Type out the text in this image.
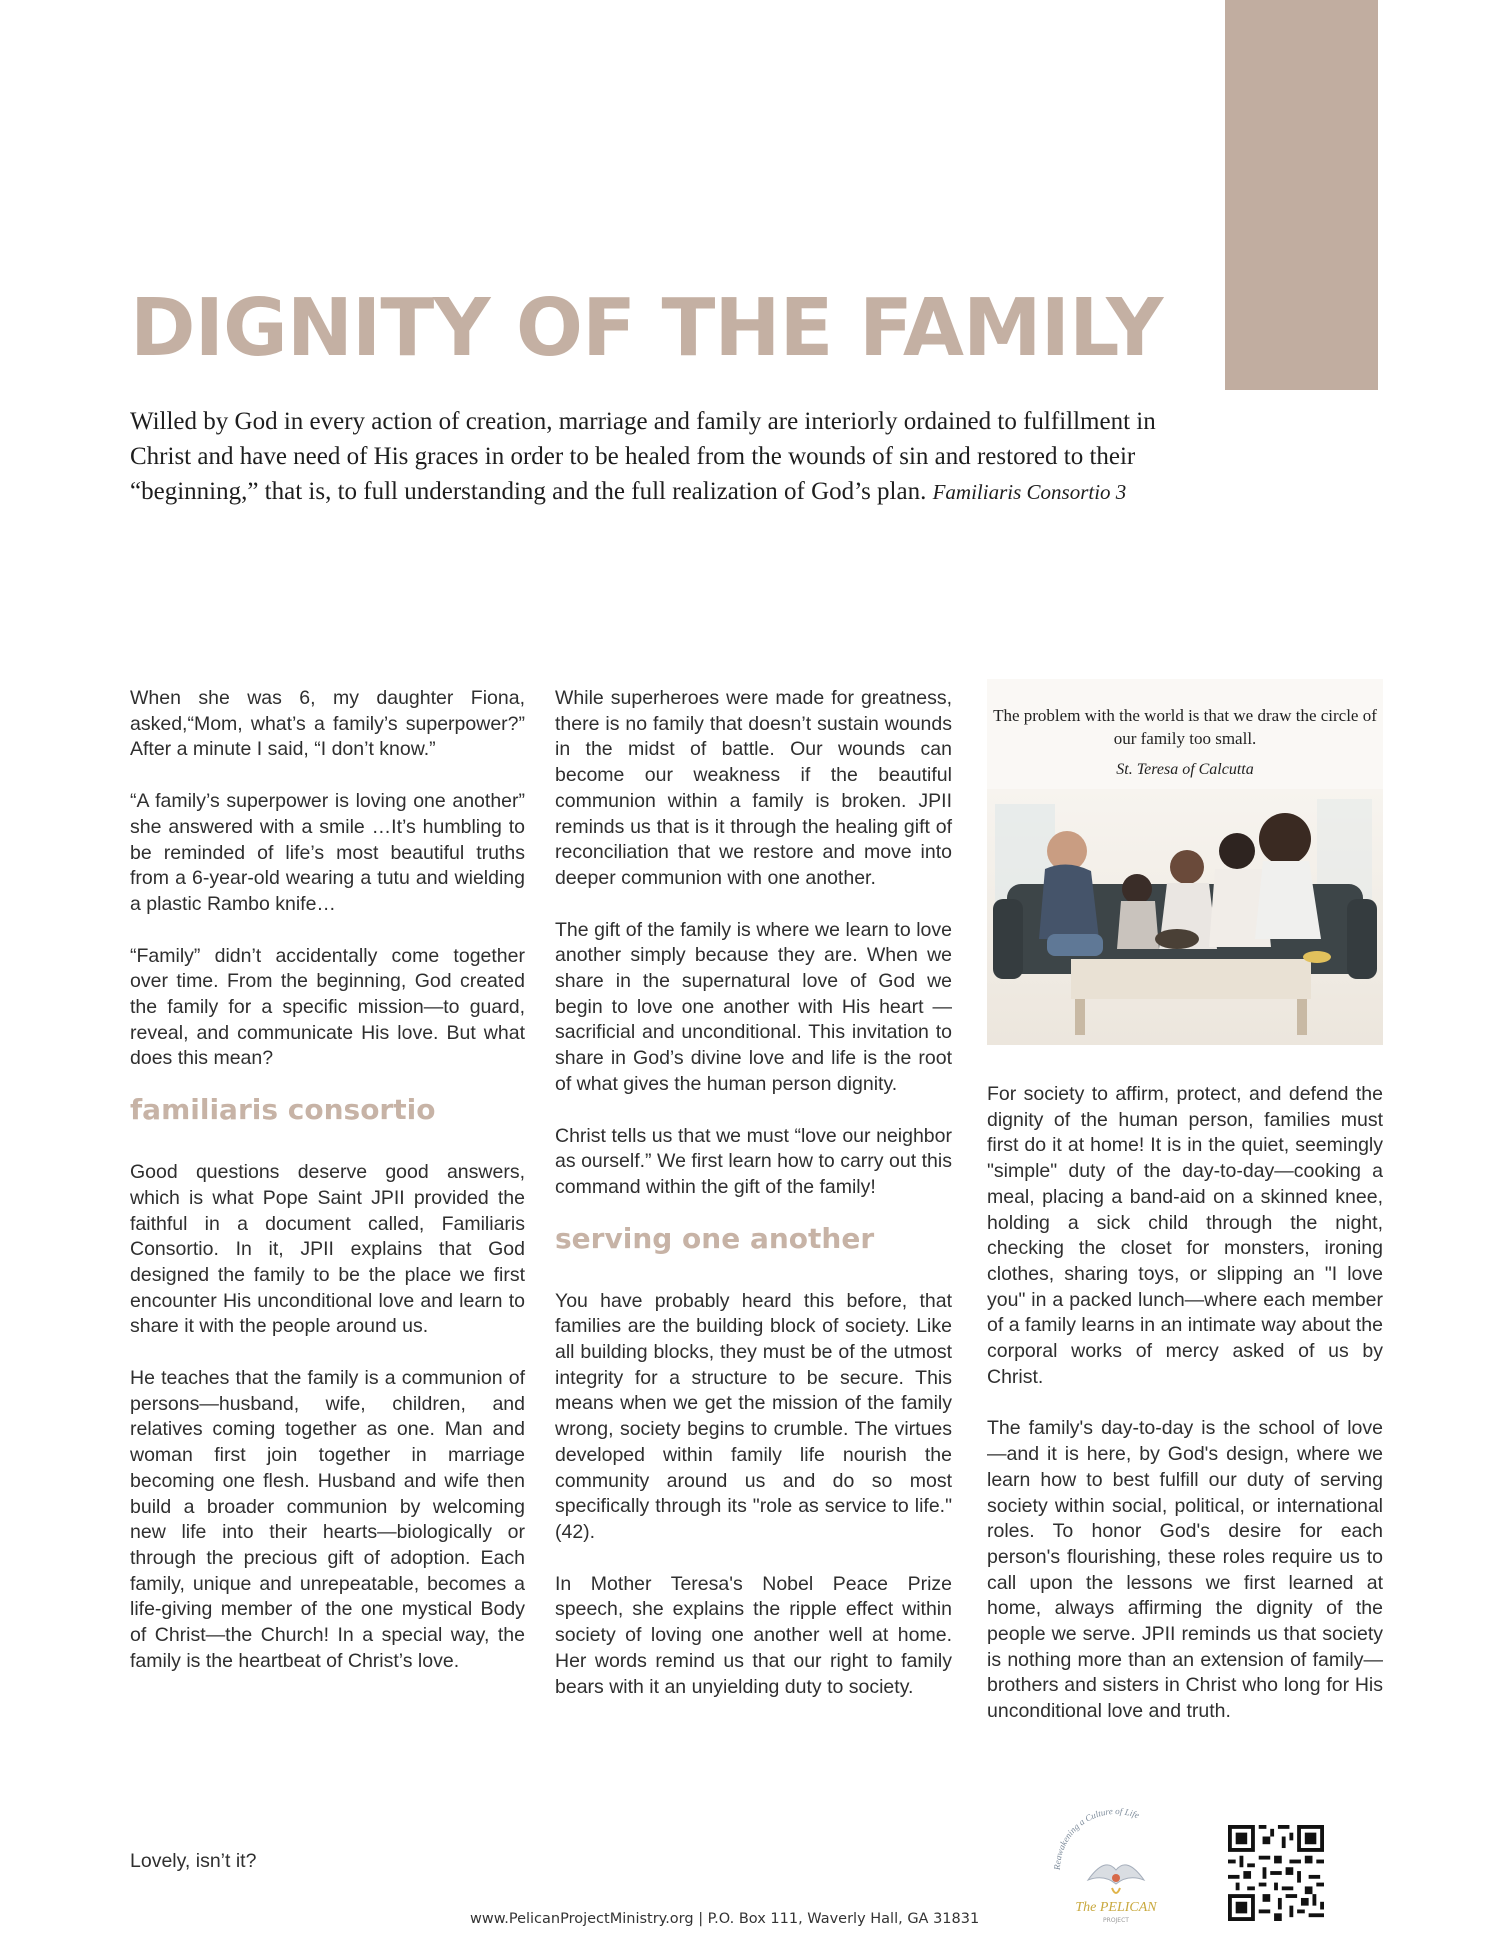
DIGNITY OF THE FAMILY

Willed by God in every action of creation, marriage and family are interiorly ordained to fulfillment in Christ and have need of His graces in order to be healed from the wounds of sin and restored to their “beginning,” that is, to full understanding and the full realization of God’s plan. Familiaris Consortio 3

When she was 6, my daughter Fiona, asked,“Mom, what’s a family’s superpower?” After a minute I said, “I don’t know.”

“A family’s superpower is loving one another” she answered with a smile …It’s humbling to be reminded of life’s most beautiful truths from a 6-year-old wearing a tutu and wielding a plastic Rambo knife…

“Family” didn’t accidentally come together over time. From the beginning, God created the family for a specific mission—to guard, reveal, and communicate His love. But what does this mean?

familiaris consortio

Good questions deserve good answers, which is what Pope Saint JPII provided the faithful in a document called, Familiaris Consortio. In it, JPII explains that God designed the family to be the place we first encounter His unconditional love and learn to share it with the people around us.

He teaches that the family is a communion of persons—husband, wife, children, and relatives coming together as one. Man and woman first join together in marriage becoming one flesh. Husband and wife then build a broader communion by welcoming new life into their hearts—biologically or through the precious gift of adoption. Each family, unique and unrepeatable, becomes a life-giving member of the one mystical Body of Christ—the Church! In a special way, the family is the heartbeat of Christ’s love.

Lovely, isn’t it?

While superheroes were made for greatness, there is no family that doesn’t sustain wounds in the midst of battle. Our wounds can become our weakness if the beautiful communion within a family is broken. JPII reminds us that is it through the healing gift of reconciliation that we restore and move into deeper communion with one another.

The gift of the family is where we learn to love another simply because they are. When we share in the supernatural love of God we begin to love one another with His heart — sacrificial and unconditional. This invitation to share in God’s divine love and life is the root of what gives the human person dignity.

Christ tells us that we must “love our neighbor as ourself.” We first learn how to carry out this command within the gift of the family!

serving one another

You have probably heard this before, that families are the building block of society. Like all building blocks, they must be of the utmost integrity for a structure to be secure. This means when we get the mission of the family wrong, society begins to crumble. The virtues developed within family life nourish the community around us and do so most specifically through its "role as service to life." (42).

In Mother Teresa's Nobel Peace Prize speech, she explains the ripple effect within society of loving one another well at home. Her words remind us that our right to family bears with it an unyielding duty to society.

The problem with the world is that we draw the circle of our family too small.

St. Teresa of Calcutta

For society to affirm, protect, and defend the dignity of the human person, families must first do it at home! It is in the quiet, seemingly "simple" duty of the day-to-day—cooking a meal, placing a band-aid on a skinned knee, holding a sick child through the night, checking the closet for monsters, ironing clothes, sharing toys, or slipping an "I love you" in a packed lunch—where each member of a family learns in an intimate way about the corporal works of mercy asked of us by Christ.

The family's day-to-day is the school of love—and it is here, by God's design, where we learn how to best fulfill our duty of serving society within social, political, or international roles. To honor God's desire for each person's flourishing, these roles require us to call upon the lessons we first learned at home, always affirming the dignity of the people we serve. JPII reminds us that society is nothing more than an extension of family—brothers and sisters in Christ who long for His unconditional love and truth.

www.PelicanProjectMinistry.org | P.O. Box 111, Waverly Hall, GA 31831

Reawakening a Culture of Life
The PELICAN
PROJECT
